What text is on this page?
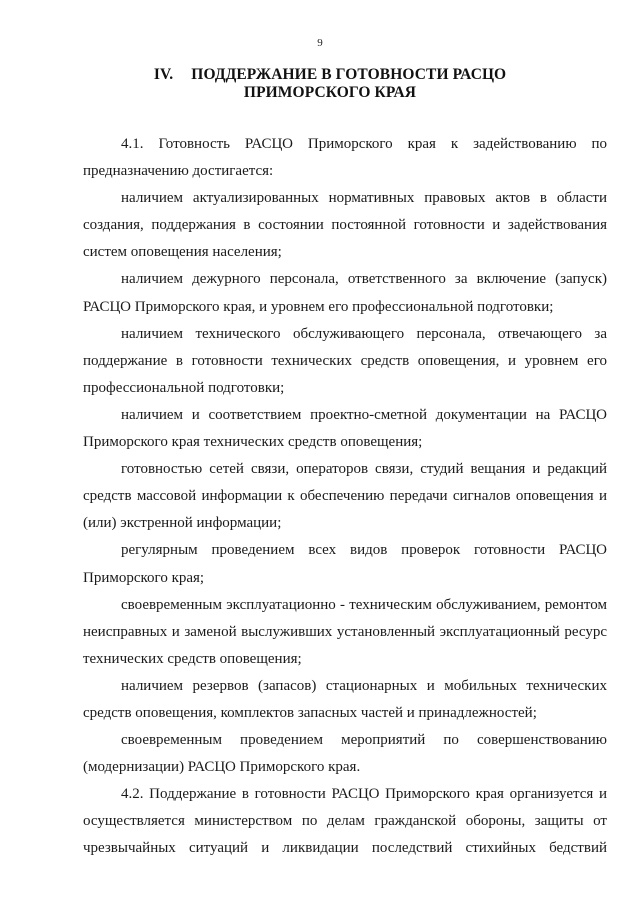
9
IV. ПОДДЕРЖАНИЕ В ГОТОВНОСТИ РАСЦО
ПРИМОРСКОГО КРАЯ

4.1. Готовность РАСЦО Приморского края к задействованию по предназначению достигается:

наличием актуализированных нормативных правовых актов в области создания, поддержания в состоянии постоянной готовности и задействования систем оповещения населения;

наличием дежурного персонала, ответственного за включение (запуск) РАСЦО Приморского края, и уровнем его профессиональной подготовки;

наличием технического обслуживающего персонала, отвечающего за поддержание в готовности технических средств оповещения, и уровнем его профессиональной подготовки;

наличием и соответствием проектно-сметной документации на РАСЦО Приморского края технических средств оповещения;

готовностью сетей связи, операторов связи, студий вещания и редакций средств массовой информации к обеспечению передачи сигналов оповещения и (или) экстренной информации;

регулярным проведением всех видов проверок готовности РАСЦО Приморского края;

своевременным эксплуатационно - техническим обслуживанием, ремонтом неисправных и заменой выслуживших установленный эксплуатационный ресурс технических средств оповещения;

наличием резервов (запасов) стационарных и мобильных технических средств оповещения, комплектов запасных частей и принадлежностей;

своевременным проведением мероприятий по совершенствованию (модернизации) РАСЦО Приморского края.

4.2. Поддержание в готовности РАСЦО Приморского края организуется и осуществляется министерством по делам гражданской обороны, защиты от чрезвычайных ситуаций и ликвидации последствий стихийных бедствий
